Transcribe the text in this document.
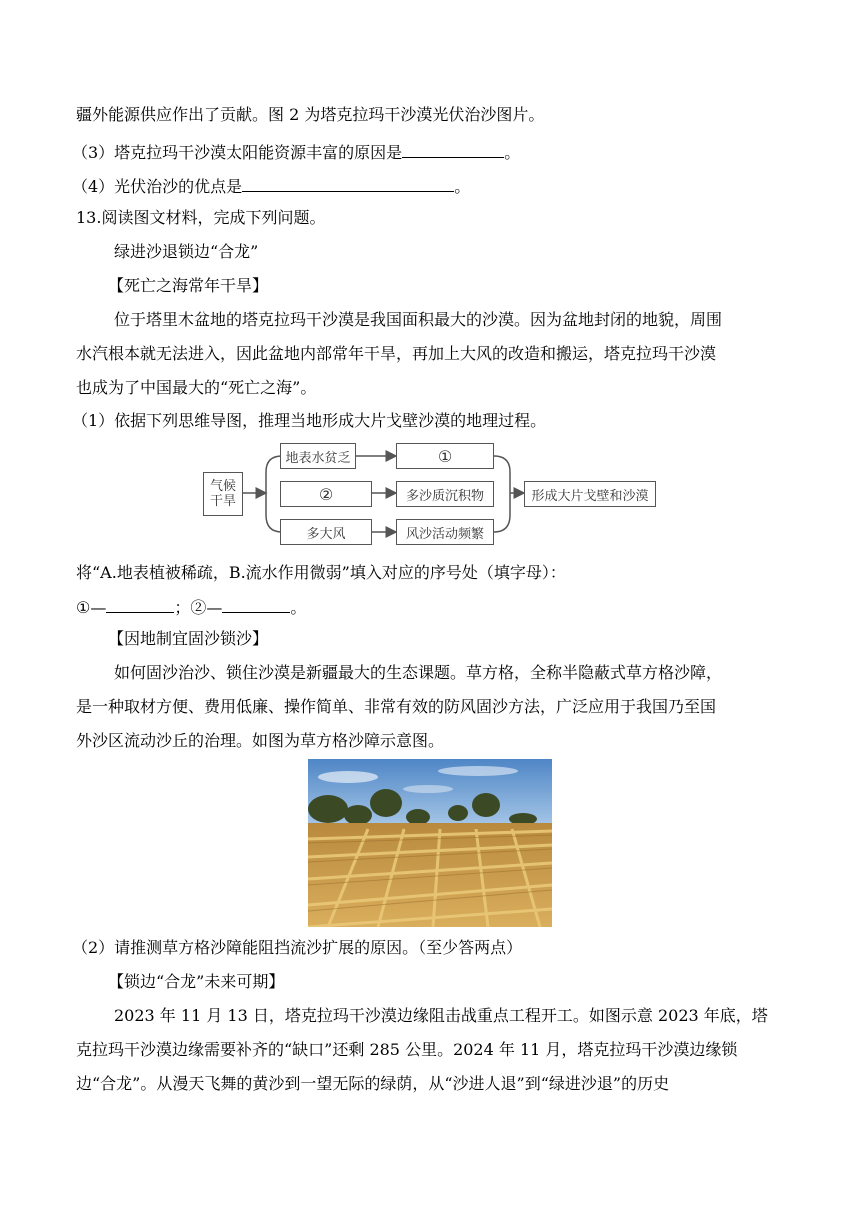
疆外能源供应作出了贡献。图 2 为塔克拉玛干沙漠光伏治沙图片。
（3）塔克拉玛干沙漠太阳能资源丰富的原因是	。
（4）光伏治沙的优点是	。
13.阅读图文材料，完成下列问题。
绿进沙退锁边“合龙”
【死亡之海常年干旱】
位于塔里木盆地的塔克拉玛干沙漠是我国面积最大的沙漠。因为盆地封闭的地貌，周围
水汽根本就无法进入，因此盆地内部常年干旱，再加上大风的改造和搬运，塔克拉玛干沙漠
也成为了中国最大的“死亡之海”。
（1）依据下列思维导图，推理当地形成大片戈壁沙漠的地理过程。
气候
干旱
地表水贫乏	①
②	多沙质沉积物
多大风	风沙活动频繁
形成大片戈壁和沙漠
将“A.地表植被稀疏，B.流水作用微弱”填入对应的序号处（填字母）：
①—	；②—	。
【因地制宜固沙锁沙】
如何固沙治沙、锁住沙漠是新疆最大的生态课题。草方格，全称半隐蔽式草方格沙障，
是一种取材方便、费用低廉、操作简单、非常有效的防风固沙方法，广泛应用于我国乃至国
外沙区流动沙丘的治理。如图为草方格沙障示意图。
（2）请推测草方格沙障能阻挡流沙扩展的原因。（至少答两点）
【锁边“合龙”未来可期】
2023 年 11 月 13 日，塔克拉玛干沙漠边缘阻击战重点工程开工。如图示意 2023 年底，塔
克拉玛干沙漠边缘需要补齐的“缺口”还剩 285 公里。2024 年 11 月，塔克拉玛干沙漠边缘锁
边“合龙”。从漫天飞舞的黄沙到一望无际的绿荫，从“沙进人退”到“绿进沙退”的历史
